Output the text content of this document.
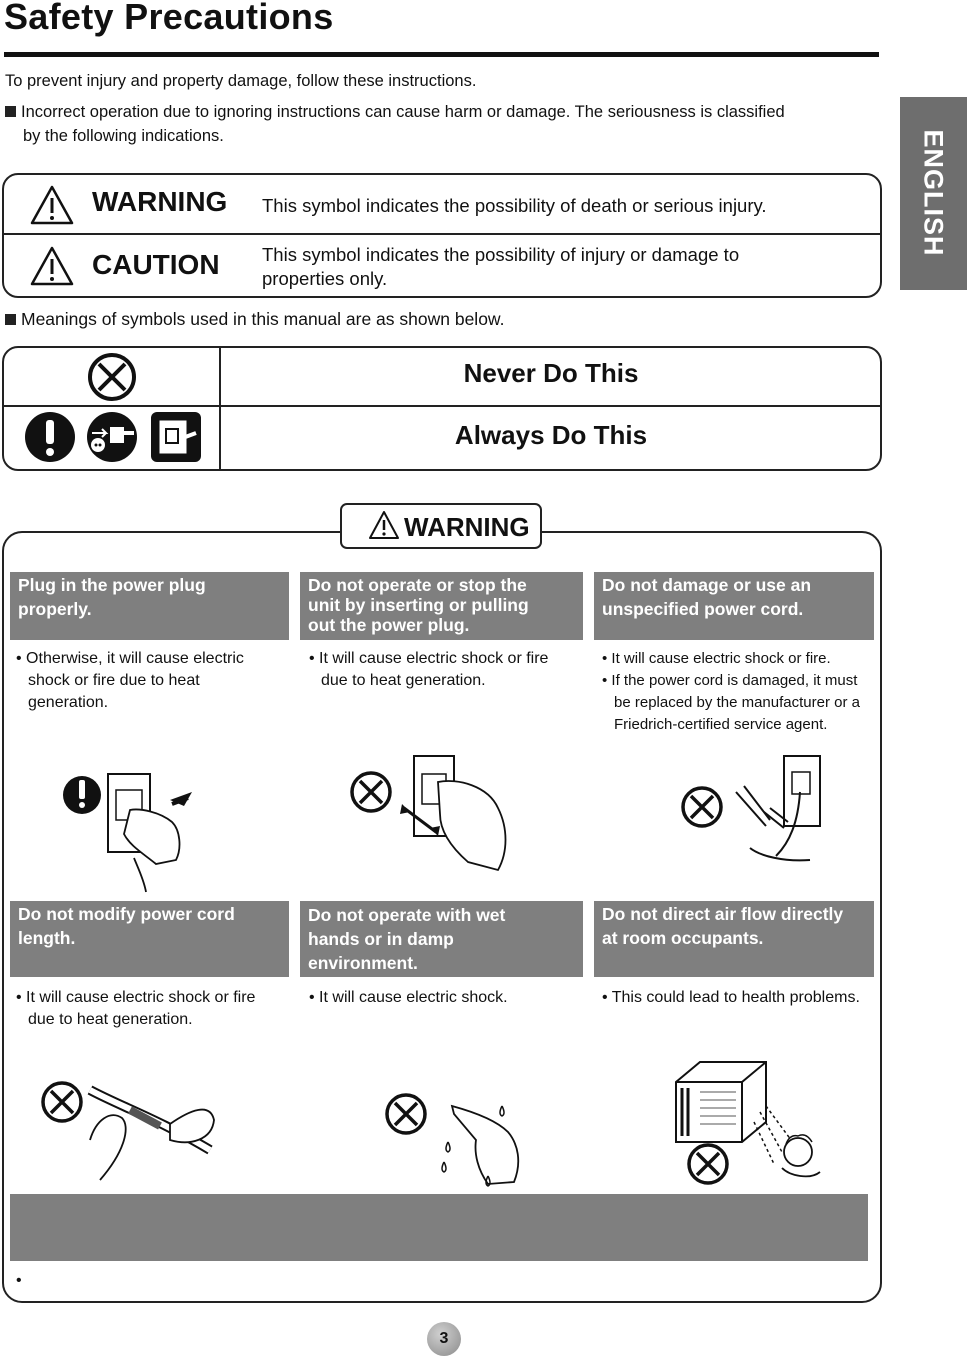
Safety Precautions
To prevent injury and property damage, follow these instructions.
Incorrect operation due to ignoring instructions can cause harm or damage. The seriousness is classified
by the following indications.	ENGLISH
WARNING This symbol indicates the possibility of death or serious injury.
CAUTION This symbol indicates the possibility of injury or damage to
properties only.
Meanings of symbols used in this manual are as shown below.
Never Do This
Always Do This
WARNING
Plug in the power plug
properly.
• Otherwise, it will cause electric shock or fire due to heat generation.
Do not operate or stop the
unit by inserting or pulling
out the power plug.
• It will cause electric shock or fire due to heat generation.
Do not damage or use an
unspecified power cord.
• It will cause electric shock or fire.
• If the power cord is damaged, it must be replaced by the manufacturer or a Friedrich-certified service agent.
Do not modify power cord
length.
• It will cause electric shock or fire due to heat generation.
Do not operate with wet
hands or in damp
environment.
• It will cause electric shock.
Do not direct air flow directly
at room occupants.
• This could lead to health problems.
•
3
